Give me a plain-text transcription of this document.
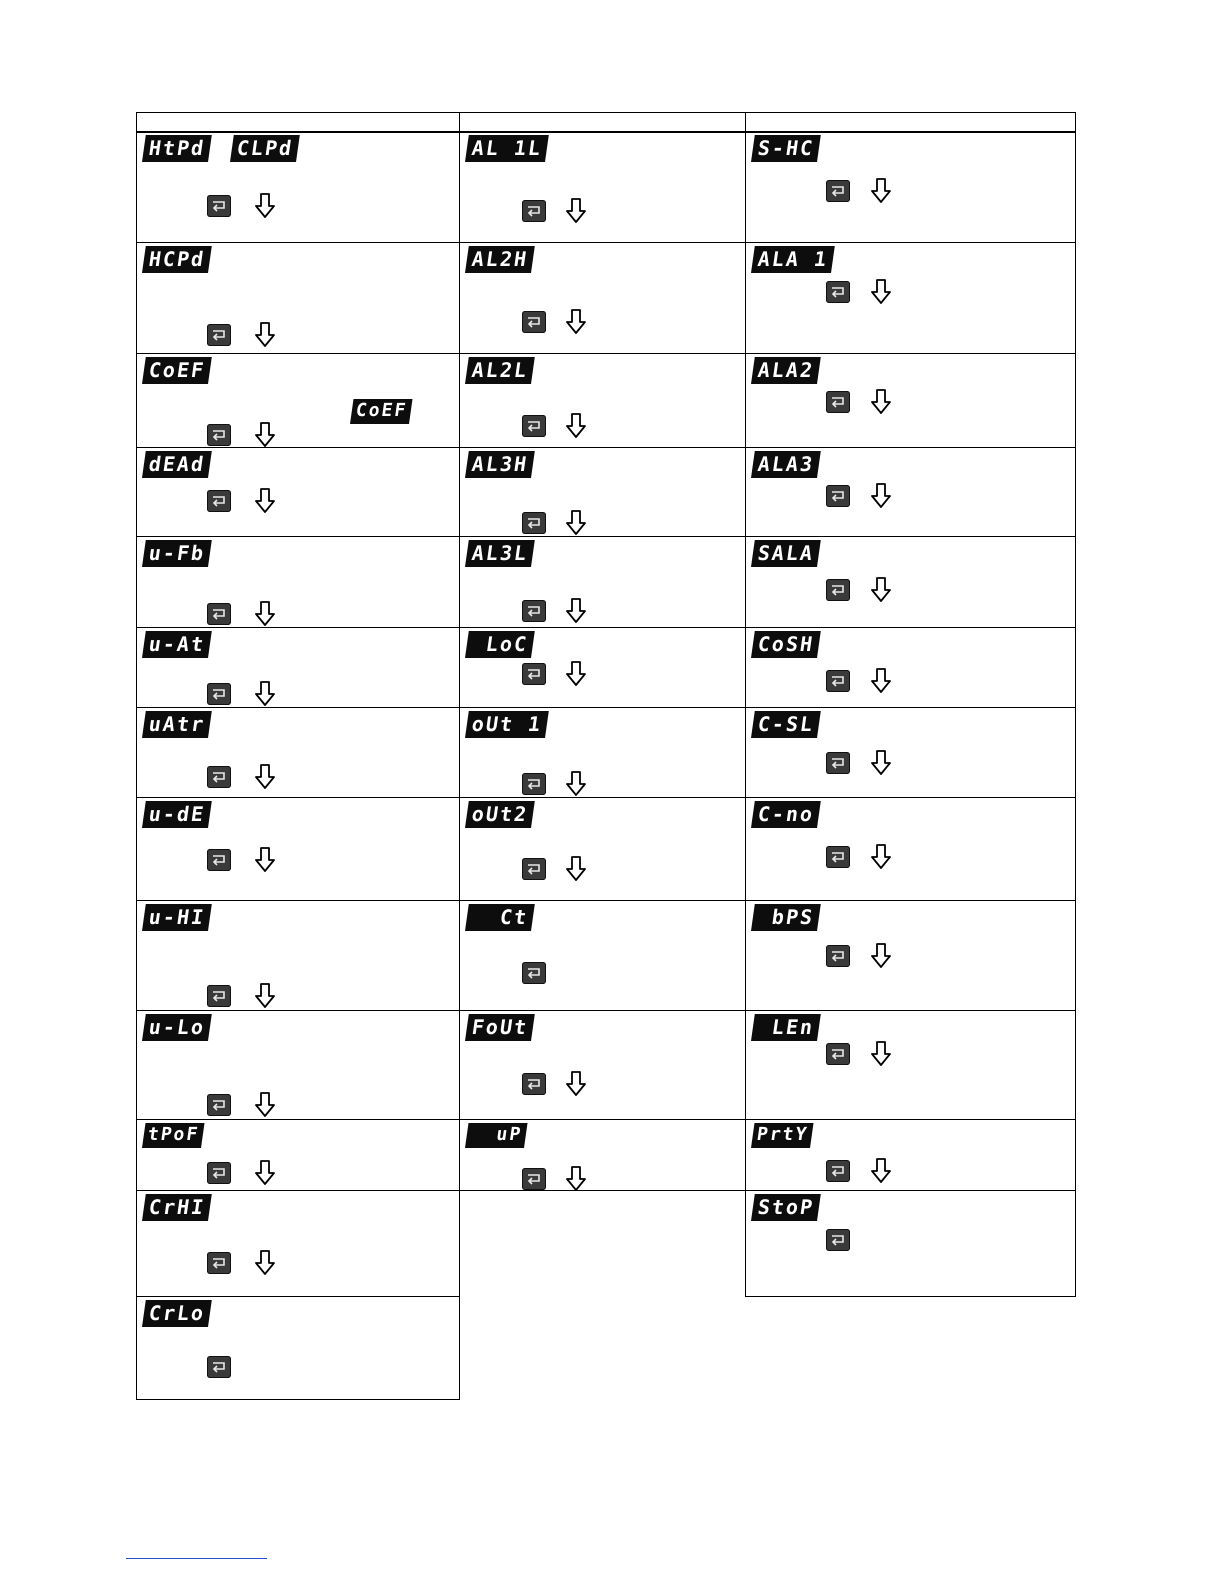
HtPd CLPd
HCPd
CoEF
CoEF
dEAd
u-Fb
u-At
uAtr
u-dE
u-HI
u-Lo
tPoF
CrHI
CrLo
AL 1L
AL2H
AL2L
AL3H
AL3L
LoC
oUt 1
oUt2
Ct
FoUt
uP
S-HC
ALA 1
ALA2
ALA3
SALA
CoSH
C-SL
C-no
bPS
LEn
PrtY
StoP
